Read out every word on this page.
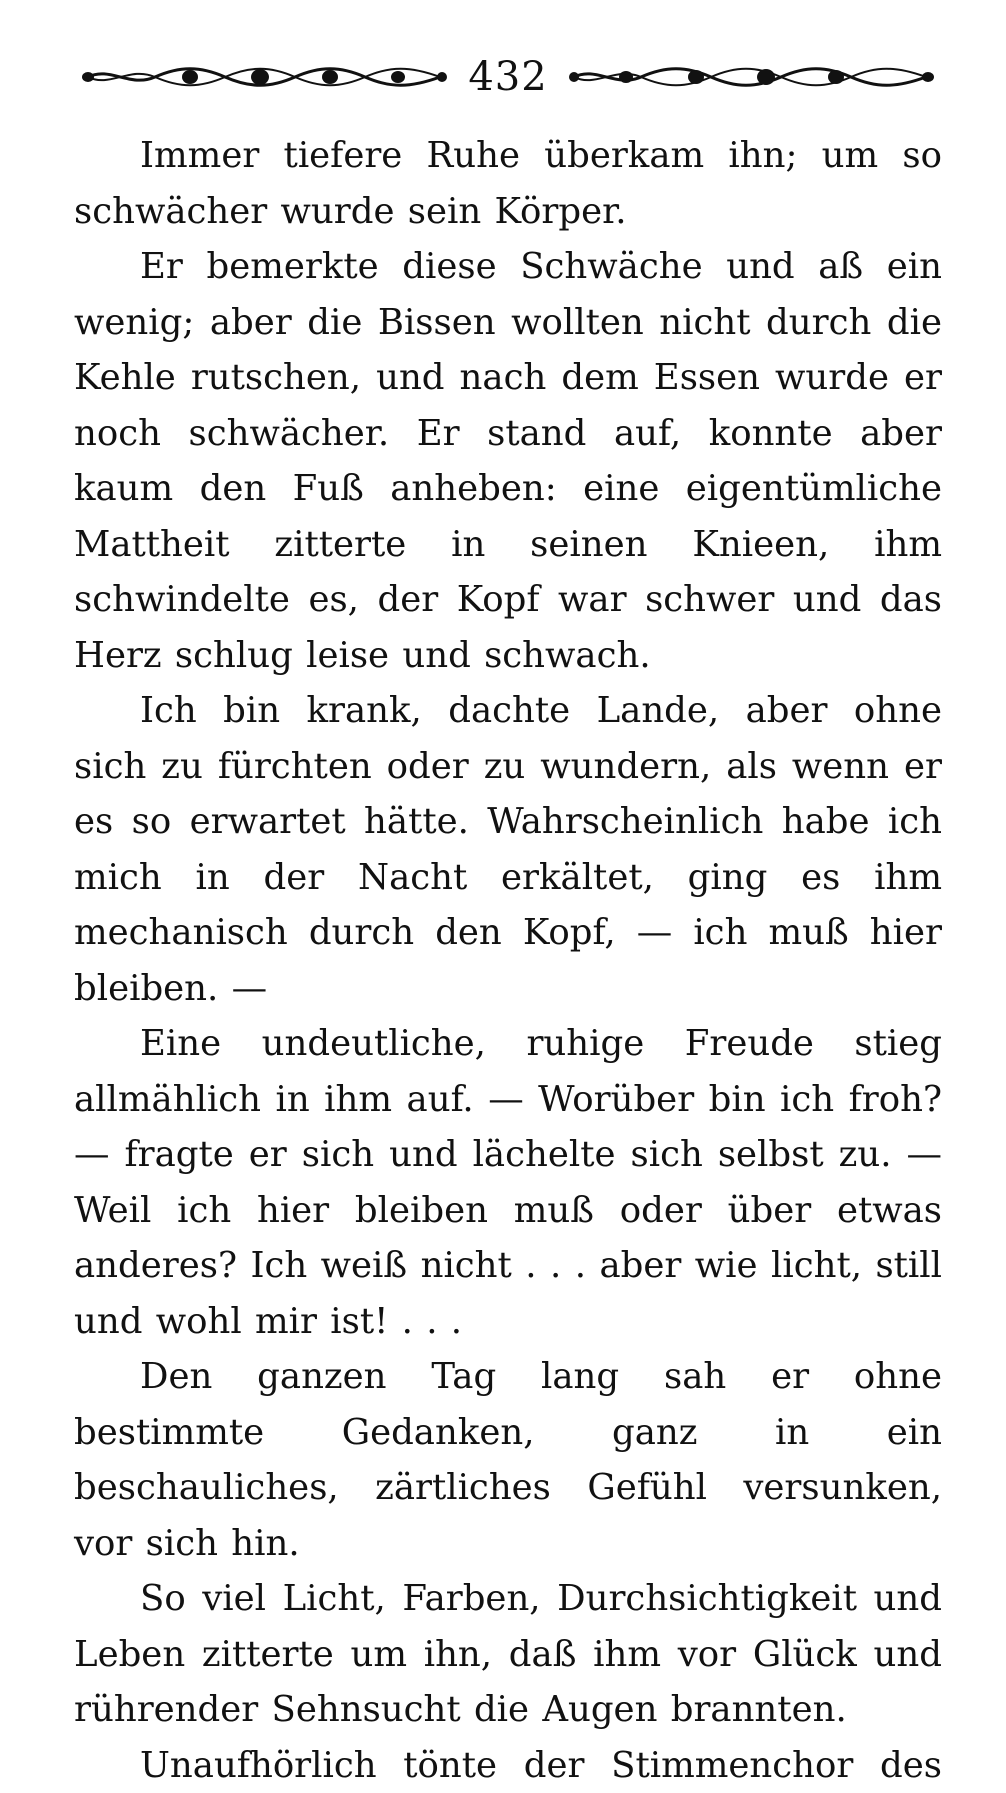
432

Immer tiefere Ruhe überkam ihn; um so schwächer wurde sein Körper.

Er bemerkte diese Schwäche und aß ein wenig; aber die Bissen wollten nicht durch die Kehle rutschen, und nach dem Essen wurde er noch schwächer. Er stand auf, konnte aber kaum den Fuß anheben: eine eigentümliche Mattheit zitterte in seinen Knieen, ihm schwindelte es, der Kopf war schwer und das Herz schlug leise und schwach.

Ich bin krank, dachte Lande, aber ohne sich zu fürchten oder zu wundern, als wenn er es so erwartet hätte. Wahrscheinlich habe ich mich in der Nacht erkältet, ging es ihm mechanisch durch den Kopf, — ich muß hier bleiben. —

Eine undeutliche, ruhige Freude stieg allmählich in ihm auf. — Worüber bin ich froh? — fragte er sich und lächelte sich selbst zu. — Weil ich hier bleiben muß oder über etwas anderes? Ich weiß nicht . . . aber wie licht, still und wohl mir ist! . . .

Den ganzen Tag lang sah er ohne bestimmte Gedanken, ganz in ein beschauliches, zärtliches Gefühl versunken, vor sich hin.

So viel Licht, Farben, Durchsichtigkeit und Leben zitterte um ihn, daß ihm vor Glück und rührender Sehnsucht die Augen brannten.

Unaufhörlich tönte der Stimmenchor des
